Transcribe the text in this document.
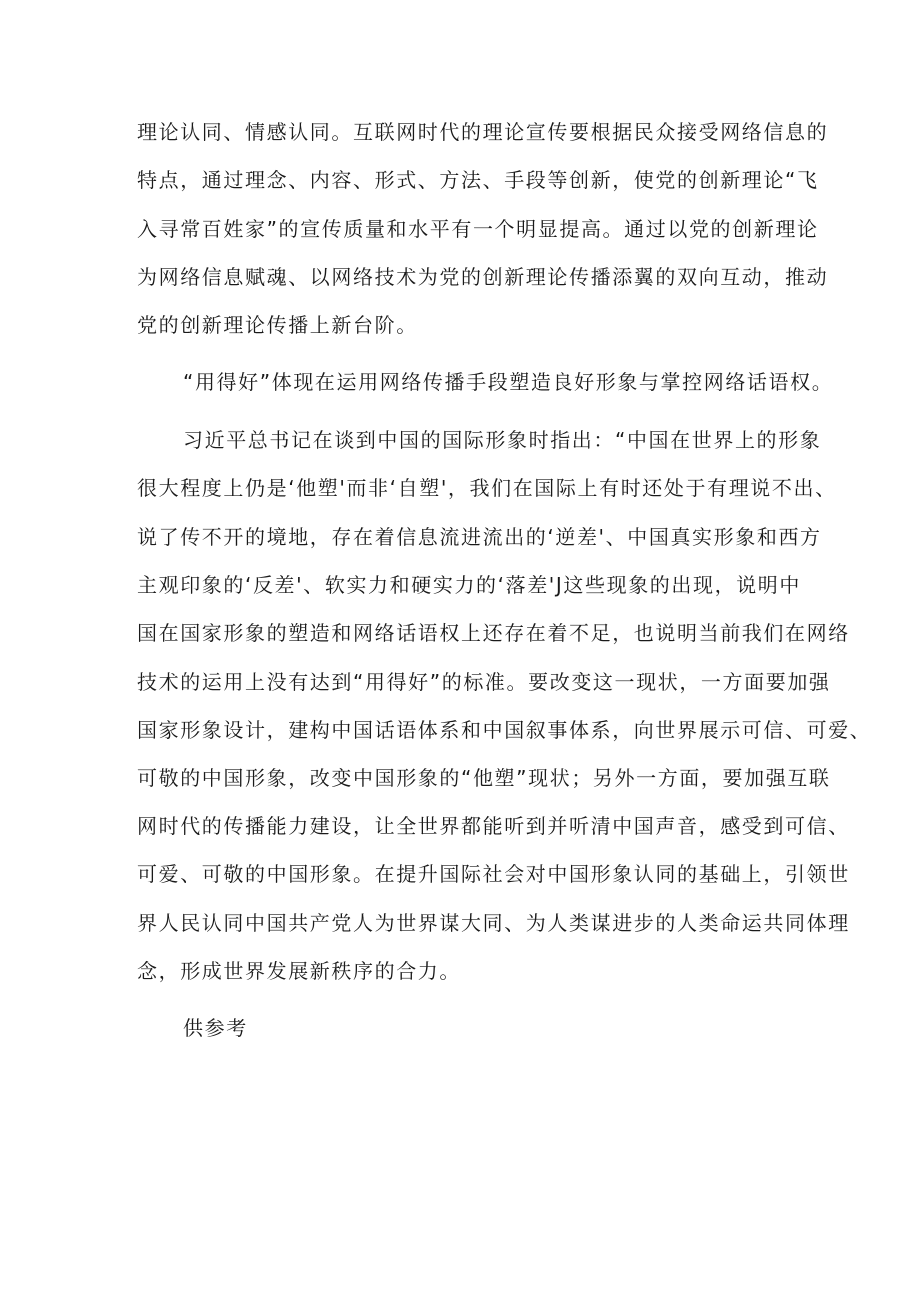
理论认同、情感认同。互联网时代的理论宣传要根据民众接受网络信息的
特点，通过理念、内容、形式、方法、手段等创新，使党的创新理论“飞
入寻常百姓家”的宣传质量和水平有一个明显提高。通过以党的创新理论
为网络信息赋魂、以网络技术为党的创新理论传播添翼的双向互动，推动
党的创新理论传播上新台阶。
“用得好”体现在运用网络传播手段塑造良好形象与掌控网络话语权。
习近平总书记在谈到中国的国际形象时指出：“中国在世界上的形象
很大程度上仍是‘他塑'而非‘自塑'，我们在国际上有时还处于有理说不出、
说了传不开的境地，存在着信息流进流出的‘逆差'、中国真实形象和西方
主观印象的‘反差'、软实力和硬实力的‘落差'J这些现象的出现，说明中
国在国家形象的塑造和网络话语权上还存在着不足，也说明当前我们在网络
技术的运用上没有达到“用得好”的标准。要改变这一现状，一方面要加强
国家形象设计，建构中国话语体系和中国叙事体系，向世界展示可信、可爱、
可敬的中国形象，改变中国形象的“他塑”现状；另外一方面，要加强互联
网时代的传播能力建设，让全世界都能听到并听清中国声音，感受到可信、
可爱、可敬的中国形象。在提升国际社会对中国形象认同的基础上，引领世
界人民认同中国共产党人为世界谋大同、为人类谋进步的人类命运共同体理
念，形成世界发展新秩序的合力。
供参考
